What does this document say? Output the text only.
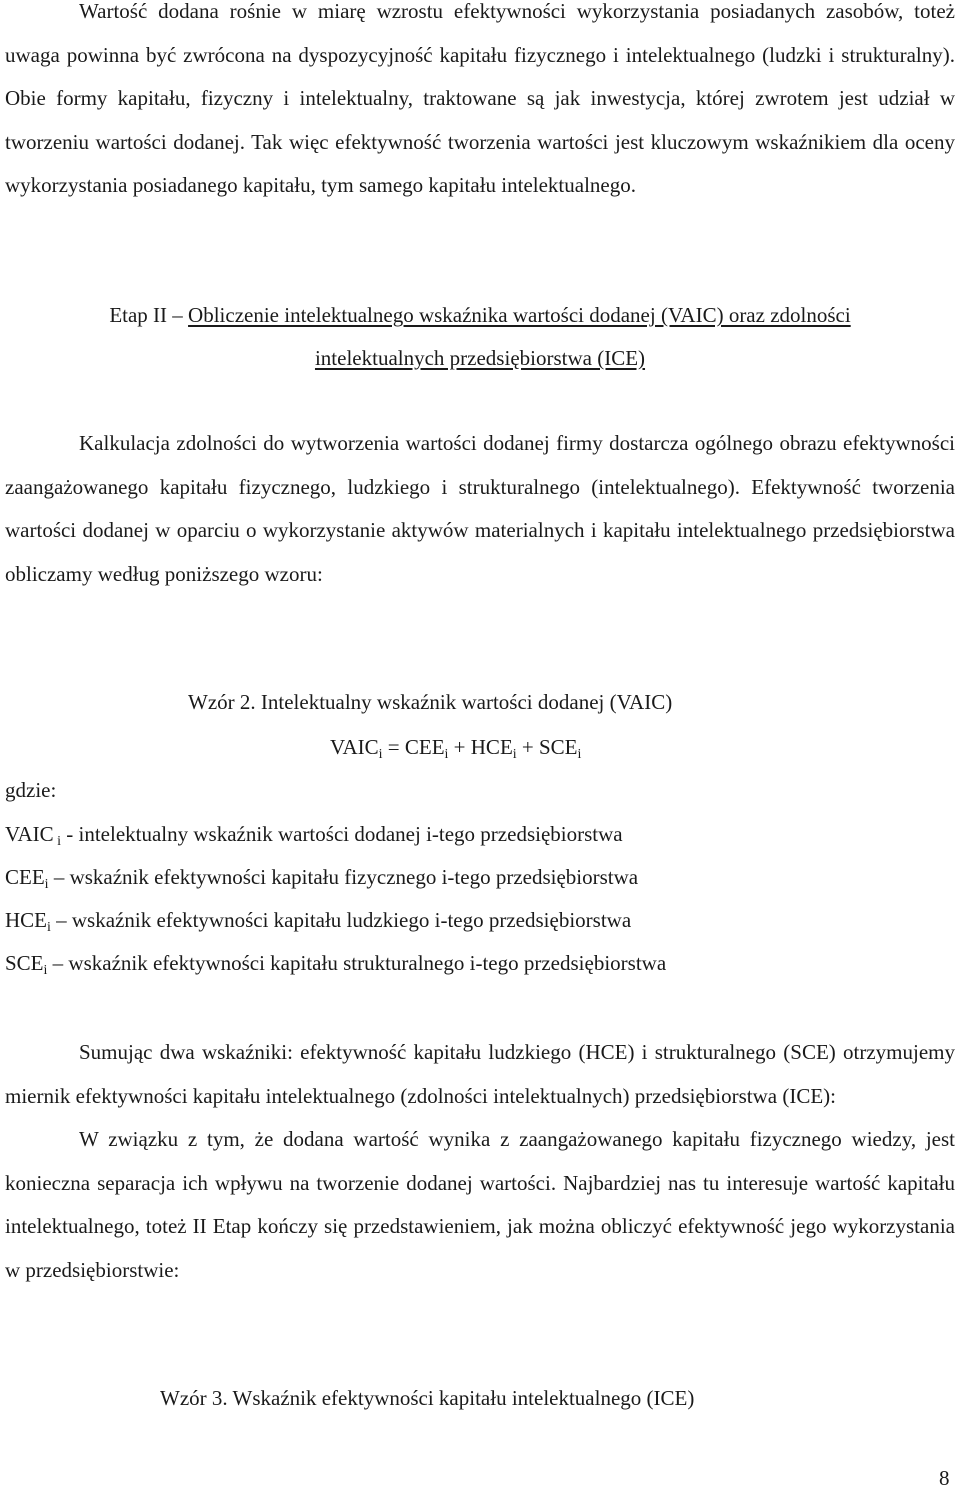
Wartość dodana rośnie w miarę wzrostu efektywności wykorzystania posiadanych zasobów, toteż uwaga powinna być zwrócona na dyspozycyjność kapitału fizycznego i intelektualnego (ludzki i strukturalny). Obie formy kapitału, fizyczny i intelektualny, traktowane są jak inwestycja, której zwrotem jest udział w tworzeniu wartości dodanej. Tak więc efektywność tworzenia wartości jest kluczowym wskaźnikiem dla oceny wykorzystania posiadanego kapitału, tym samego kapitału intelektualnego.

Etap II – Obliczenie intelektualnego wskaźnika wartości dodanej (VAIC) oraz zdolności
intelektualnych przedsiębiorstwa (ICE)

Kalkulacja zdolności do wytworzenia wartości dodanej firmy dostarcza ogólnego obrazu efektywności zaangażowanego kapitału fizycznego, ludzkiego i strukturalnego (intelektualnego). Efektywność tworzenia wartości dodanej w oparciu o wykorzystanie aktywów materialnych i kapitału intelektualnego przedsiębiorstwa obliczamy według poniższego wzoru:

Wzór 2. Intelektualny wskaźnik wartości dodanej (VAIC)
$VAIC_i = CEE_i + HCE_i + SCE_i$
gdzie:
VAIC $_i$ - intelektualny wskaźnik wartości dodanej i-tego przedsiębiorstwa
$CEE_i$ – wskaźnik efektywności kapitału fizycznego i-tego przedsiębiorstwa
$HCE_i$ – wskaźnik efektywności kapitału ludzkiego i-tego przedsiębiorstwa
$SCE_i$ – wskaźnik efektywności kapitału strukturalnego i-tego przedsiębiorstwa

Sumując dwa wskaźniki: efektywność kapitału ludzkiego (HCE) i strukturalnego (SCE) otrzymujemy miernik efektywności kapitału intelektualnego (zdolności intelektualnych) przedsiębiorstwa (ICE):

W związku z tym, że dodana wartość wynika z zaangażowanego kapitału fizycznego wiedzy, jest konieczna separacja ich wpływu na tworzenie dodanej wartości. Najbardziej nas tu interesuje wartość kapitału intelektualnego, toteż II Etap kończy się przedstawieniem, jak można obliczyć efektywność jego wykorzystania w przedsiębiorstwie:

Wzór 3. Wskaźnik efektywności kapitału intelektualnego (ICE)
8
